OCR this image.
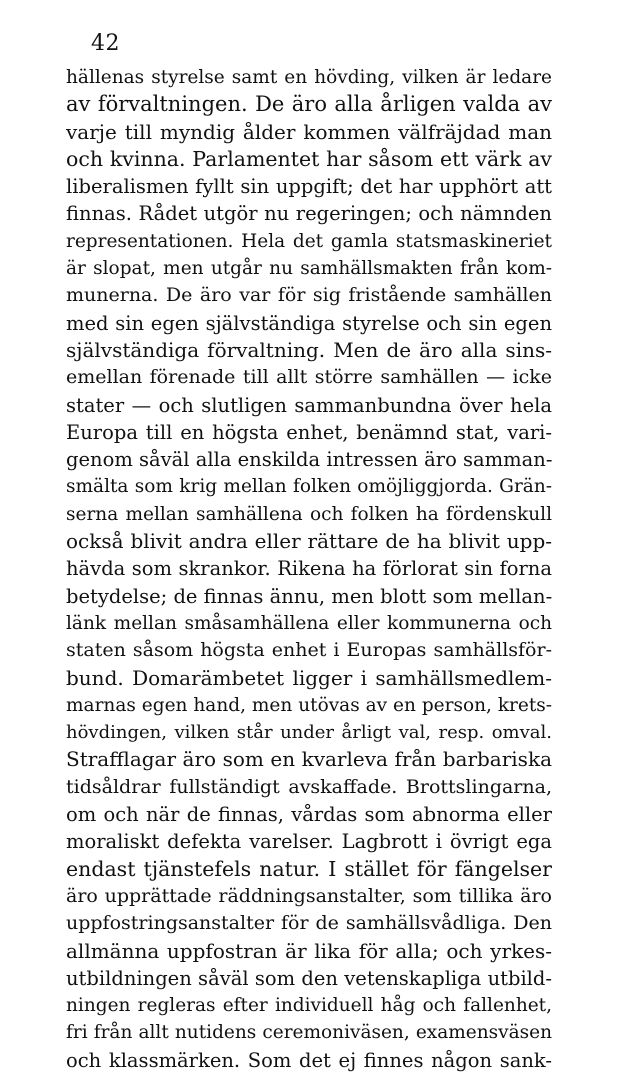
42
hällenas styrelse samt en hövding, vilken är ledare
av förvaltningen. De äro alla årligen valda av
varje till myndig ålder kommen välfräjdad man
och kvinna. Parlamentet har såsom ett värk av
liberalismen fyllt sin uppgift; det har upphört att
finnas. Rådet utgör nu regeringen; och nämnden
representationen. Hela det gamla statsmaskineriet
är slopat, men utgår nu samhällsmakten från kom-
munerna. De äro var för sig fristående samhällen
med sin egen självständiga styrelse och sin egen
självständiga förvaltning. Men de äro alla sins-
emellan förenade till allt större samhällen — icke
stater — och slutligen sammanbundna över hela
Europa till en högsta enhet, benämnd stat, vari-
genom såväl alla enskilda intressen äro samman-
smälta som krig mellan folken omöjliggjorda. Grän-
serna mellan samhällena och folken ha fördenskull
också blivit andra eller rättare de ha blivit upp-
hävda som skrankor. Rikena ha förlorat sin forna
betydelse; de finnas ännu, men blott som mellan-
länk mellan småsamhällena eller kommunerna och
staten såsom högsta enhet i Europas samhällsför-
bund. Domarämbetet ligger i samhällsmedlem-
marnas egen hand, men utövas av en person, krets-
hövdingen, vilken står under årligt val, resp. omval.
Strafflagar äro som en kvarleva från barbariska
tidsåldrar fullständigt avskaffade. Brottslingarna,
om och när de finnas, vårdas som abnorma eller
moraliskt defekta varelser. Lagbrott i övrigt ega
endast tjänstefels natur. I stället för fängelser
äro upprättade räddningsanstalter, som tillika äro
uppfostringsanstalter för de samhällsvådliga. Den
allmänna uppfostran är lika för alla; och yrkes-
utbildningen såväl som den vetenskapliga utbild-
ningen regleras efter individuell håg och fallenhet,
fri från allt nutidens ceremoniväsen, examensväsen
och klassmärken. Som det ej finnes någon sank-
